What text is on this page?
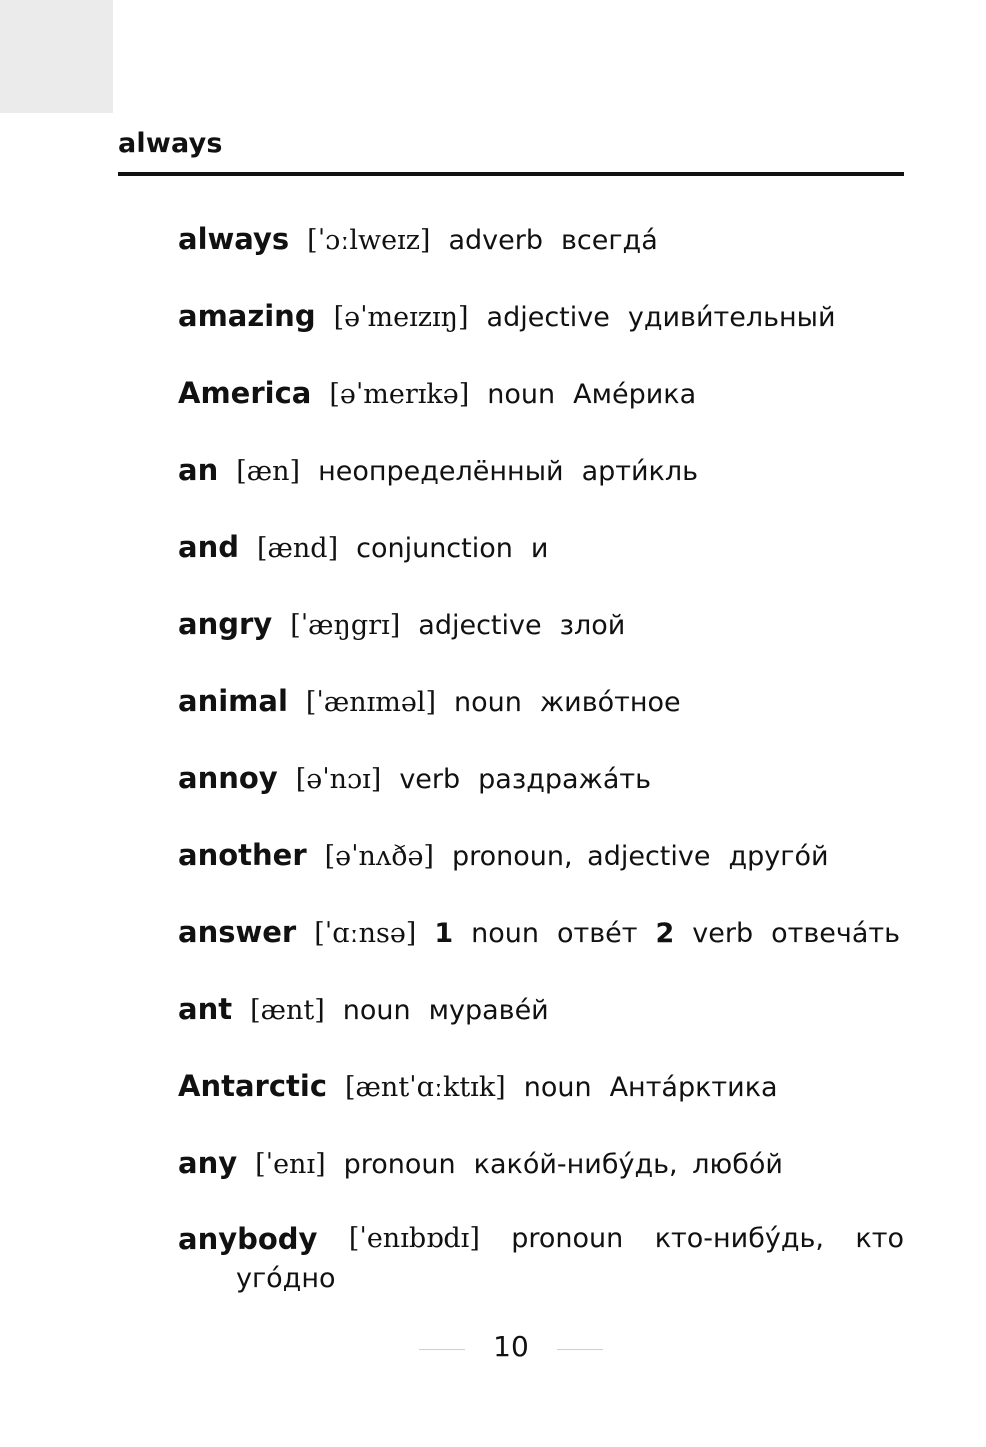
always
always [ˈɔːlweɪz] adverb всегда́
amazing [əˈmeɪzɪŋ] adjective удиви́тельный
America [əˈmerɪkə] noun Аме́рика
an [æn] неопределённый арти́кль
and [ænd] conjunction и
angry [ˈæŋgrɪ] adjective злой
animal [ˈænɪməl] noun живо́тное
annoy [əˈnɔɪ] verb раздража́ть
another [əˈnʌðə] pronoun, adjective друго́й
answer [ˈɑːnsə] 1 noun отве́т 2 verb отвеча́ть
ant [ænt] noun мураве́й
Antarctic [æntˈɑːktɪk] noun Анта́рктика
any [ˈenɪ] pronoun како́й-нибу́дь, любо́й
anybody [ˈenɪbɒdɪ] pronoun кто-нибу́дь, кто
уго́дно
10
